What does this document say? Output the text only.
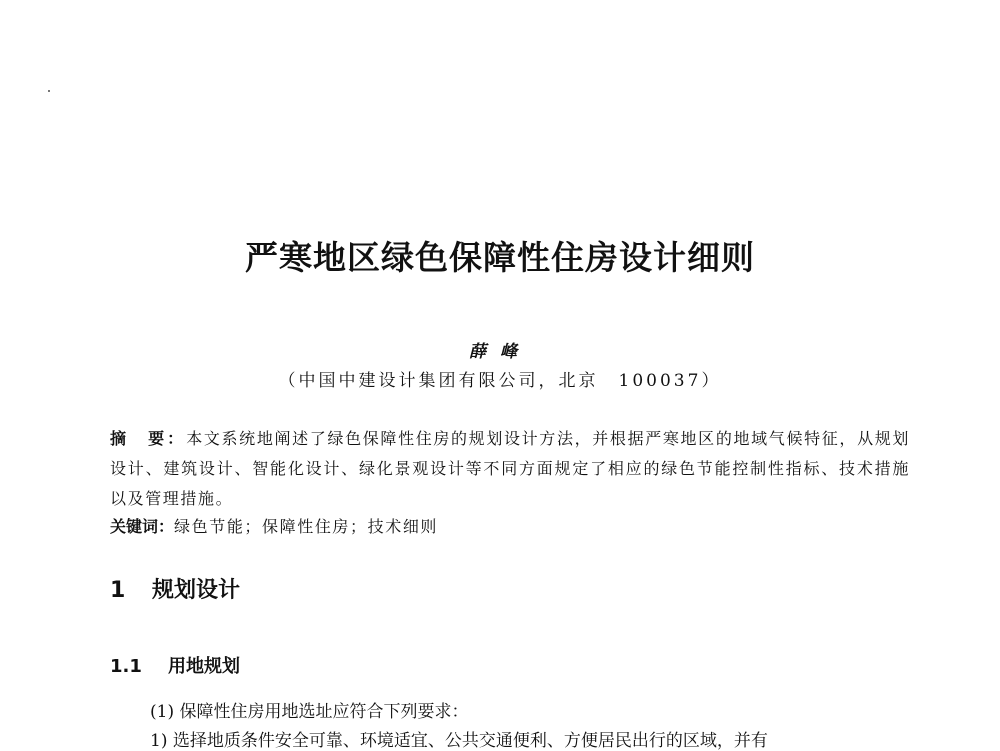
严寒地区绿色保障性住房设计细则
薛峰
（中国中建设计集团有限公司，北京　100037）
摘　要：本文系统地阐述了绿色保障性住房的规划设计方法，并根据严寒地区的地域气候特征，从规划设计、建筑设计、智能化设计、绿化景观设计等不同方面规定了相应的绿色节能控制性指标、技术措施以及管理措施。
关键词：绿色节能；保障性住房；技术细则
1 规划设计
1.1 用地规划
(1) 保障性住房用地选址应符合下列要求：
1) 选择地质条件安全可靠、环境适宜、公共交通便利、方便居民出行的区域，并有
